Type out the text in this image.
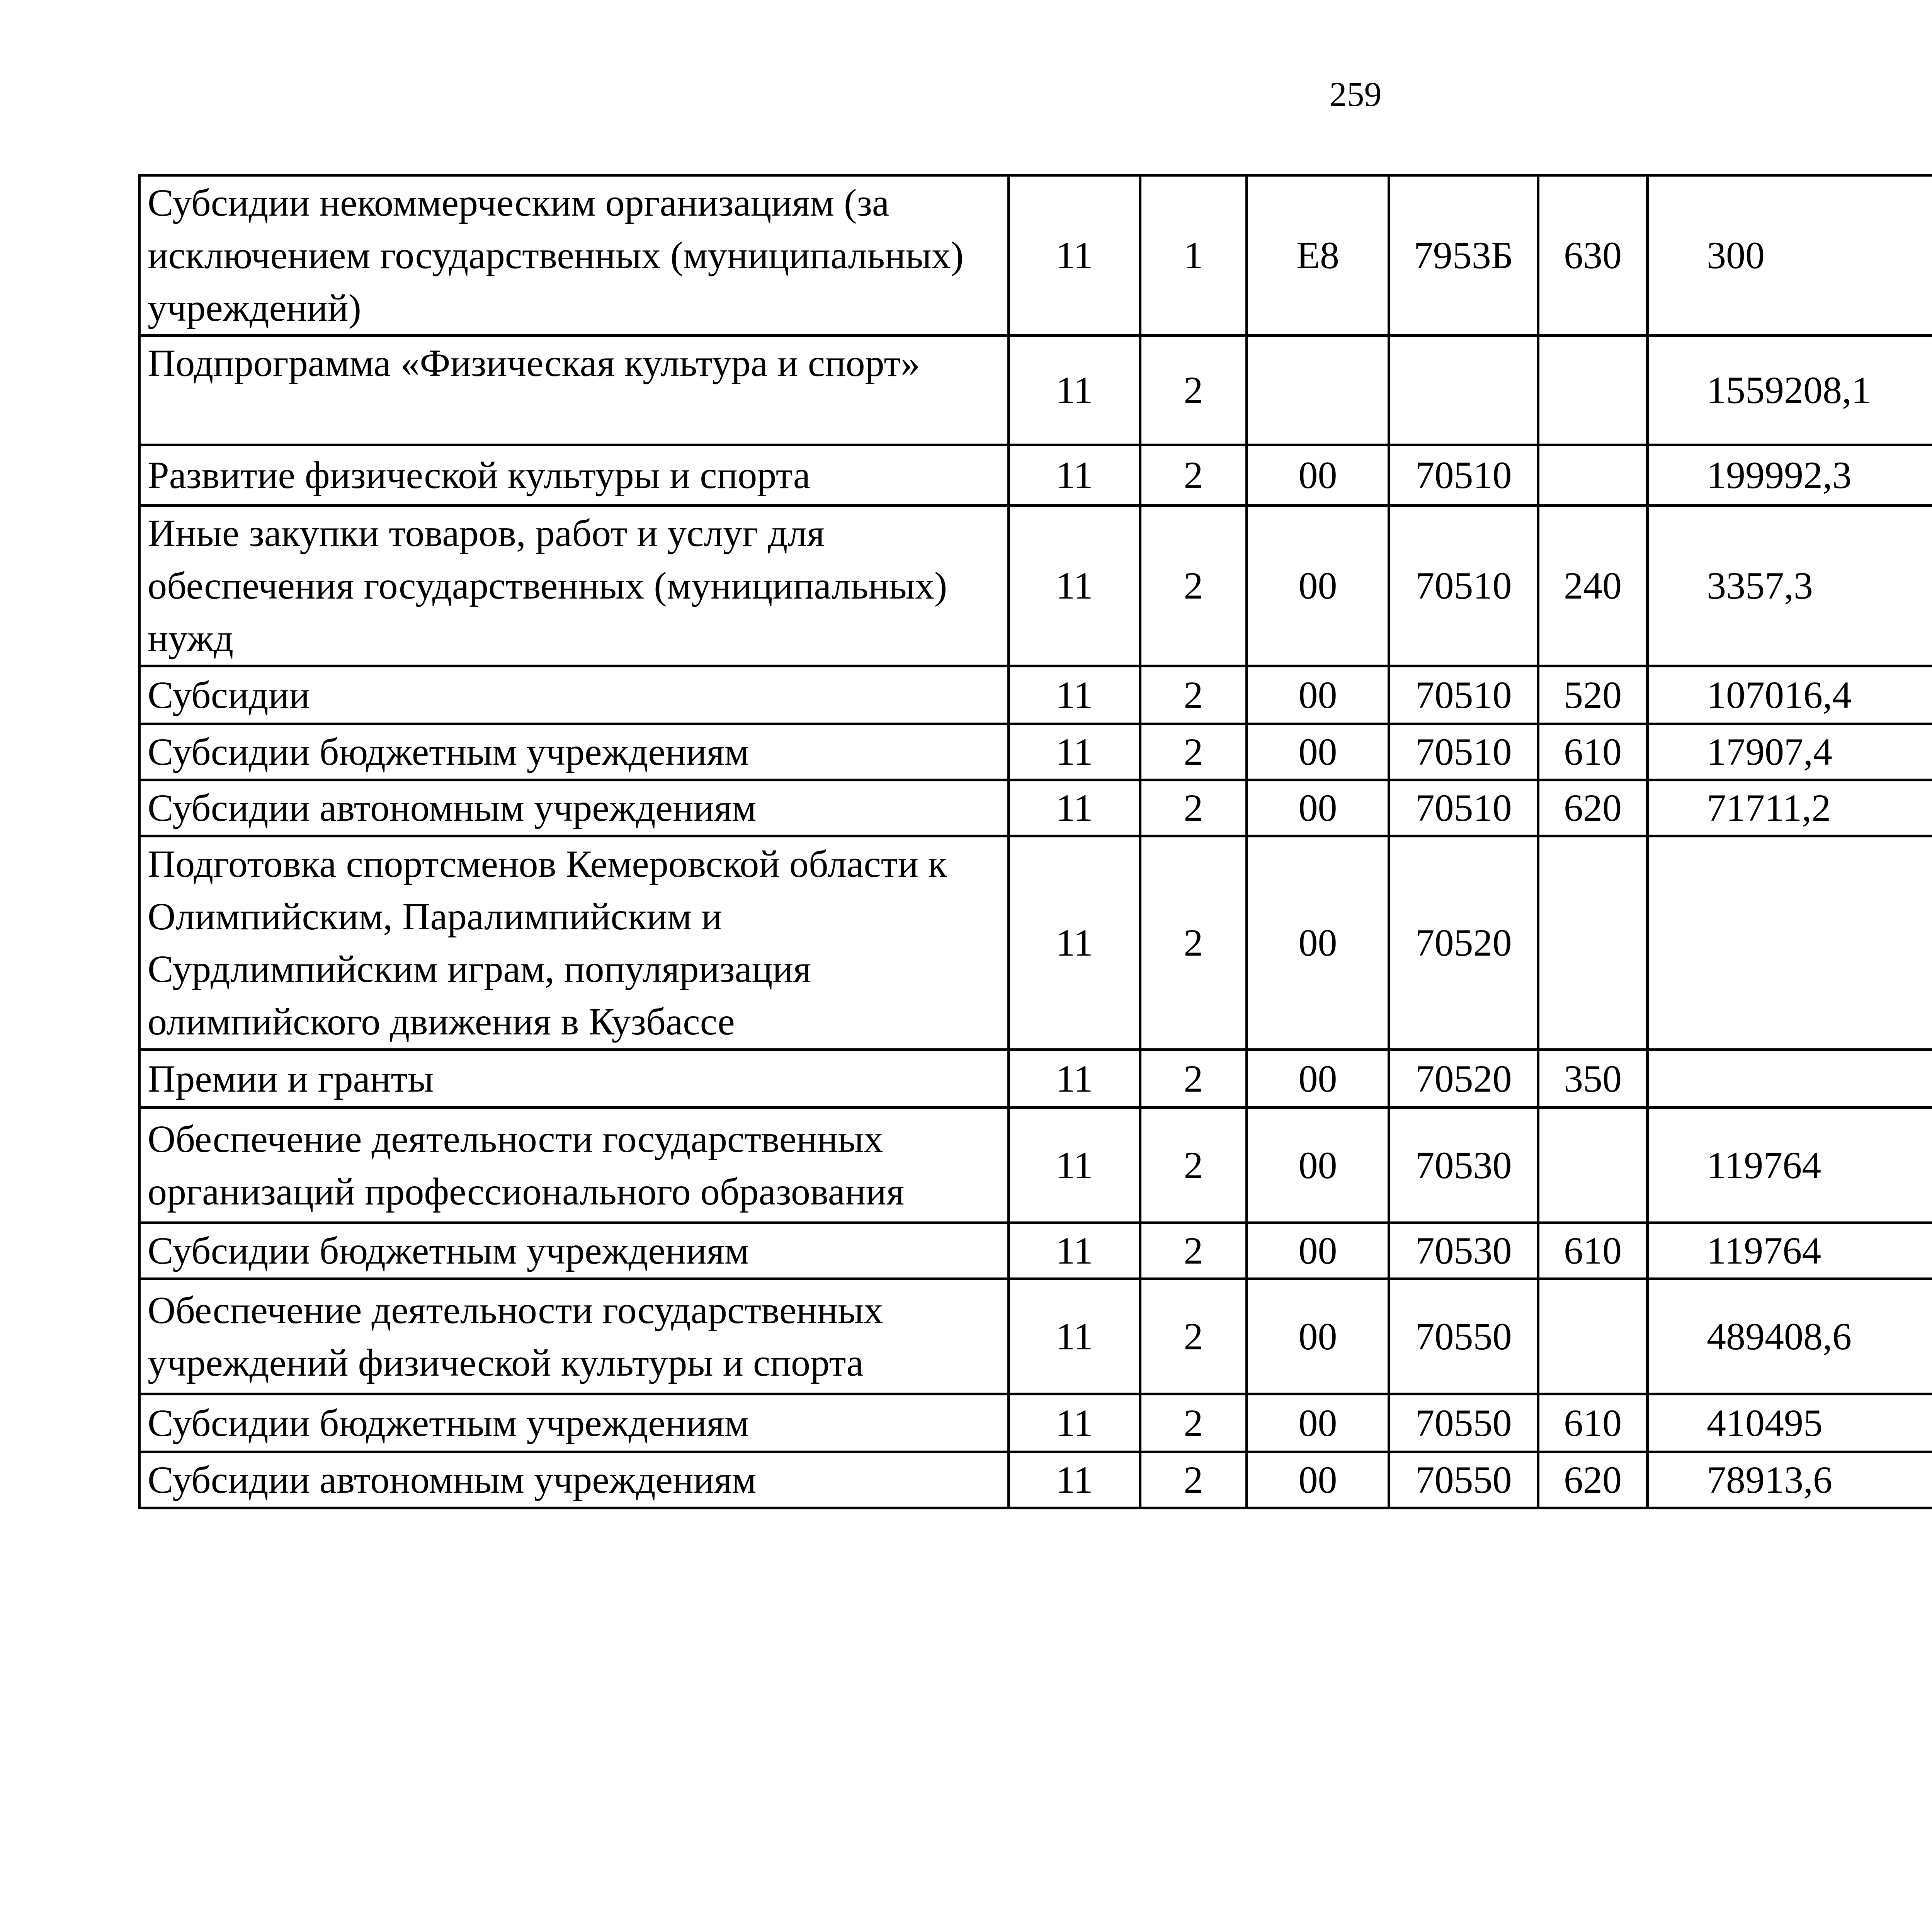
259
Субсидии некоммерческим организациям (за исключением государственных (муниципальных) учреждений)	11	1	Е8	7953Б	630	300		
Подпрограмма «Физическая культура и спорт»	11	2				1559208,1		
Развитие физической культуры и спорта	11	2	00	70510		199992,3		
Иные закупки товаров, работ и услуг для обеспечения государственных (муниципальных) нужд	11	2	00	70510	240	3357,3		
Субсидии	11	2	00	70510	520	107016,4		
Субсидии бюджетным учреждениям	11	2	00	70510	610	17907,4		
Субсидии автономным учреждениям	11	2	00	70510	620	71711,2		
Подготовка спортсменов Кемеровской области к Олимпийским, Паралимпийским и Сурдлимпийским играм, популяризация олимпийского движения в Кузбассе	11	2	00	70520				
Премии и гранты	11	2	00	70520	350			
Обеспечение деятельности государственных организаций профессионального образования	11	2	00	70530		119764		
Субсидии бюджетным учреждениям	11	2	00	70530	610	119764		
Обеспечение деятельности государственных учреждений физической культуры и спорта	11	2	00	70550		489408,6		
Субсидии бюджетным учреждениям	11	2	00	70550	610	410495		
Субсидии автономным учреждениям	11	2	00	70550	620	78913,6		
